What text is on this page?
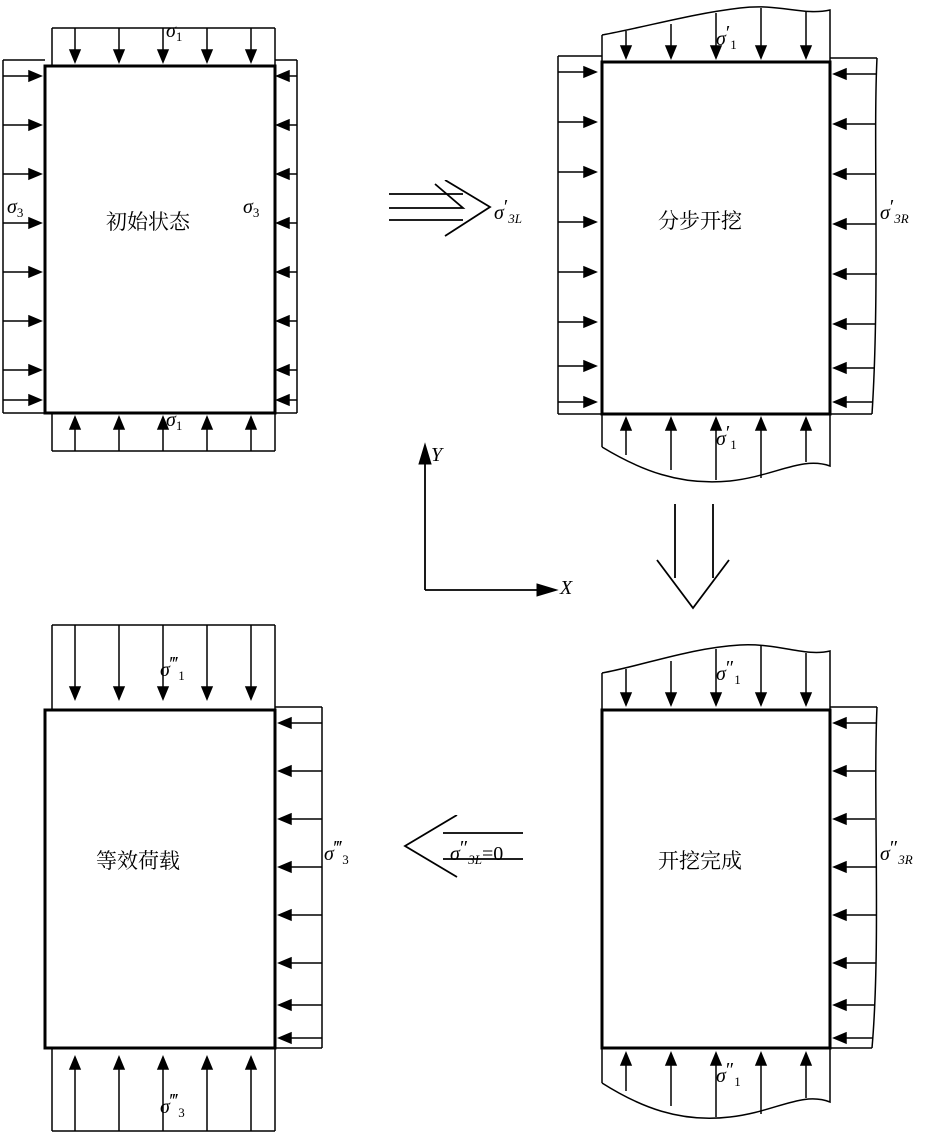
初始状态
$\sigma_1$
$\sigma_1$
$\sigma_3$	$\sigma_3$	分步开挖
$\sigma'_1$
$\sigma'_1$
$\sigma'_{3L}$	$\sigma'_{3R}$
开挖完成
$\sigma''_1$
$\sigma''_1$
$\sigma''_{3L}=0$	$\sigma''_{3R}$
等效荷载
$\sigma‴_1$
$\sigma‴_3$
$\sigma‴_3$
Y
X
